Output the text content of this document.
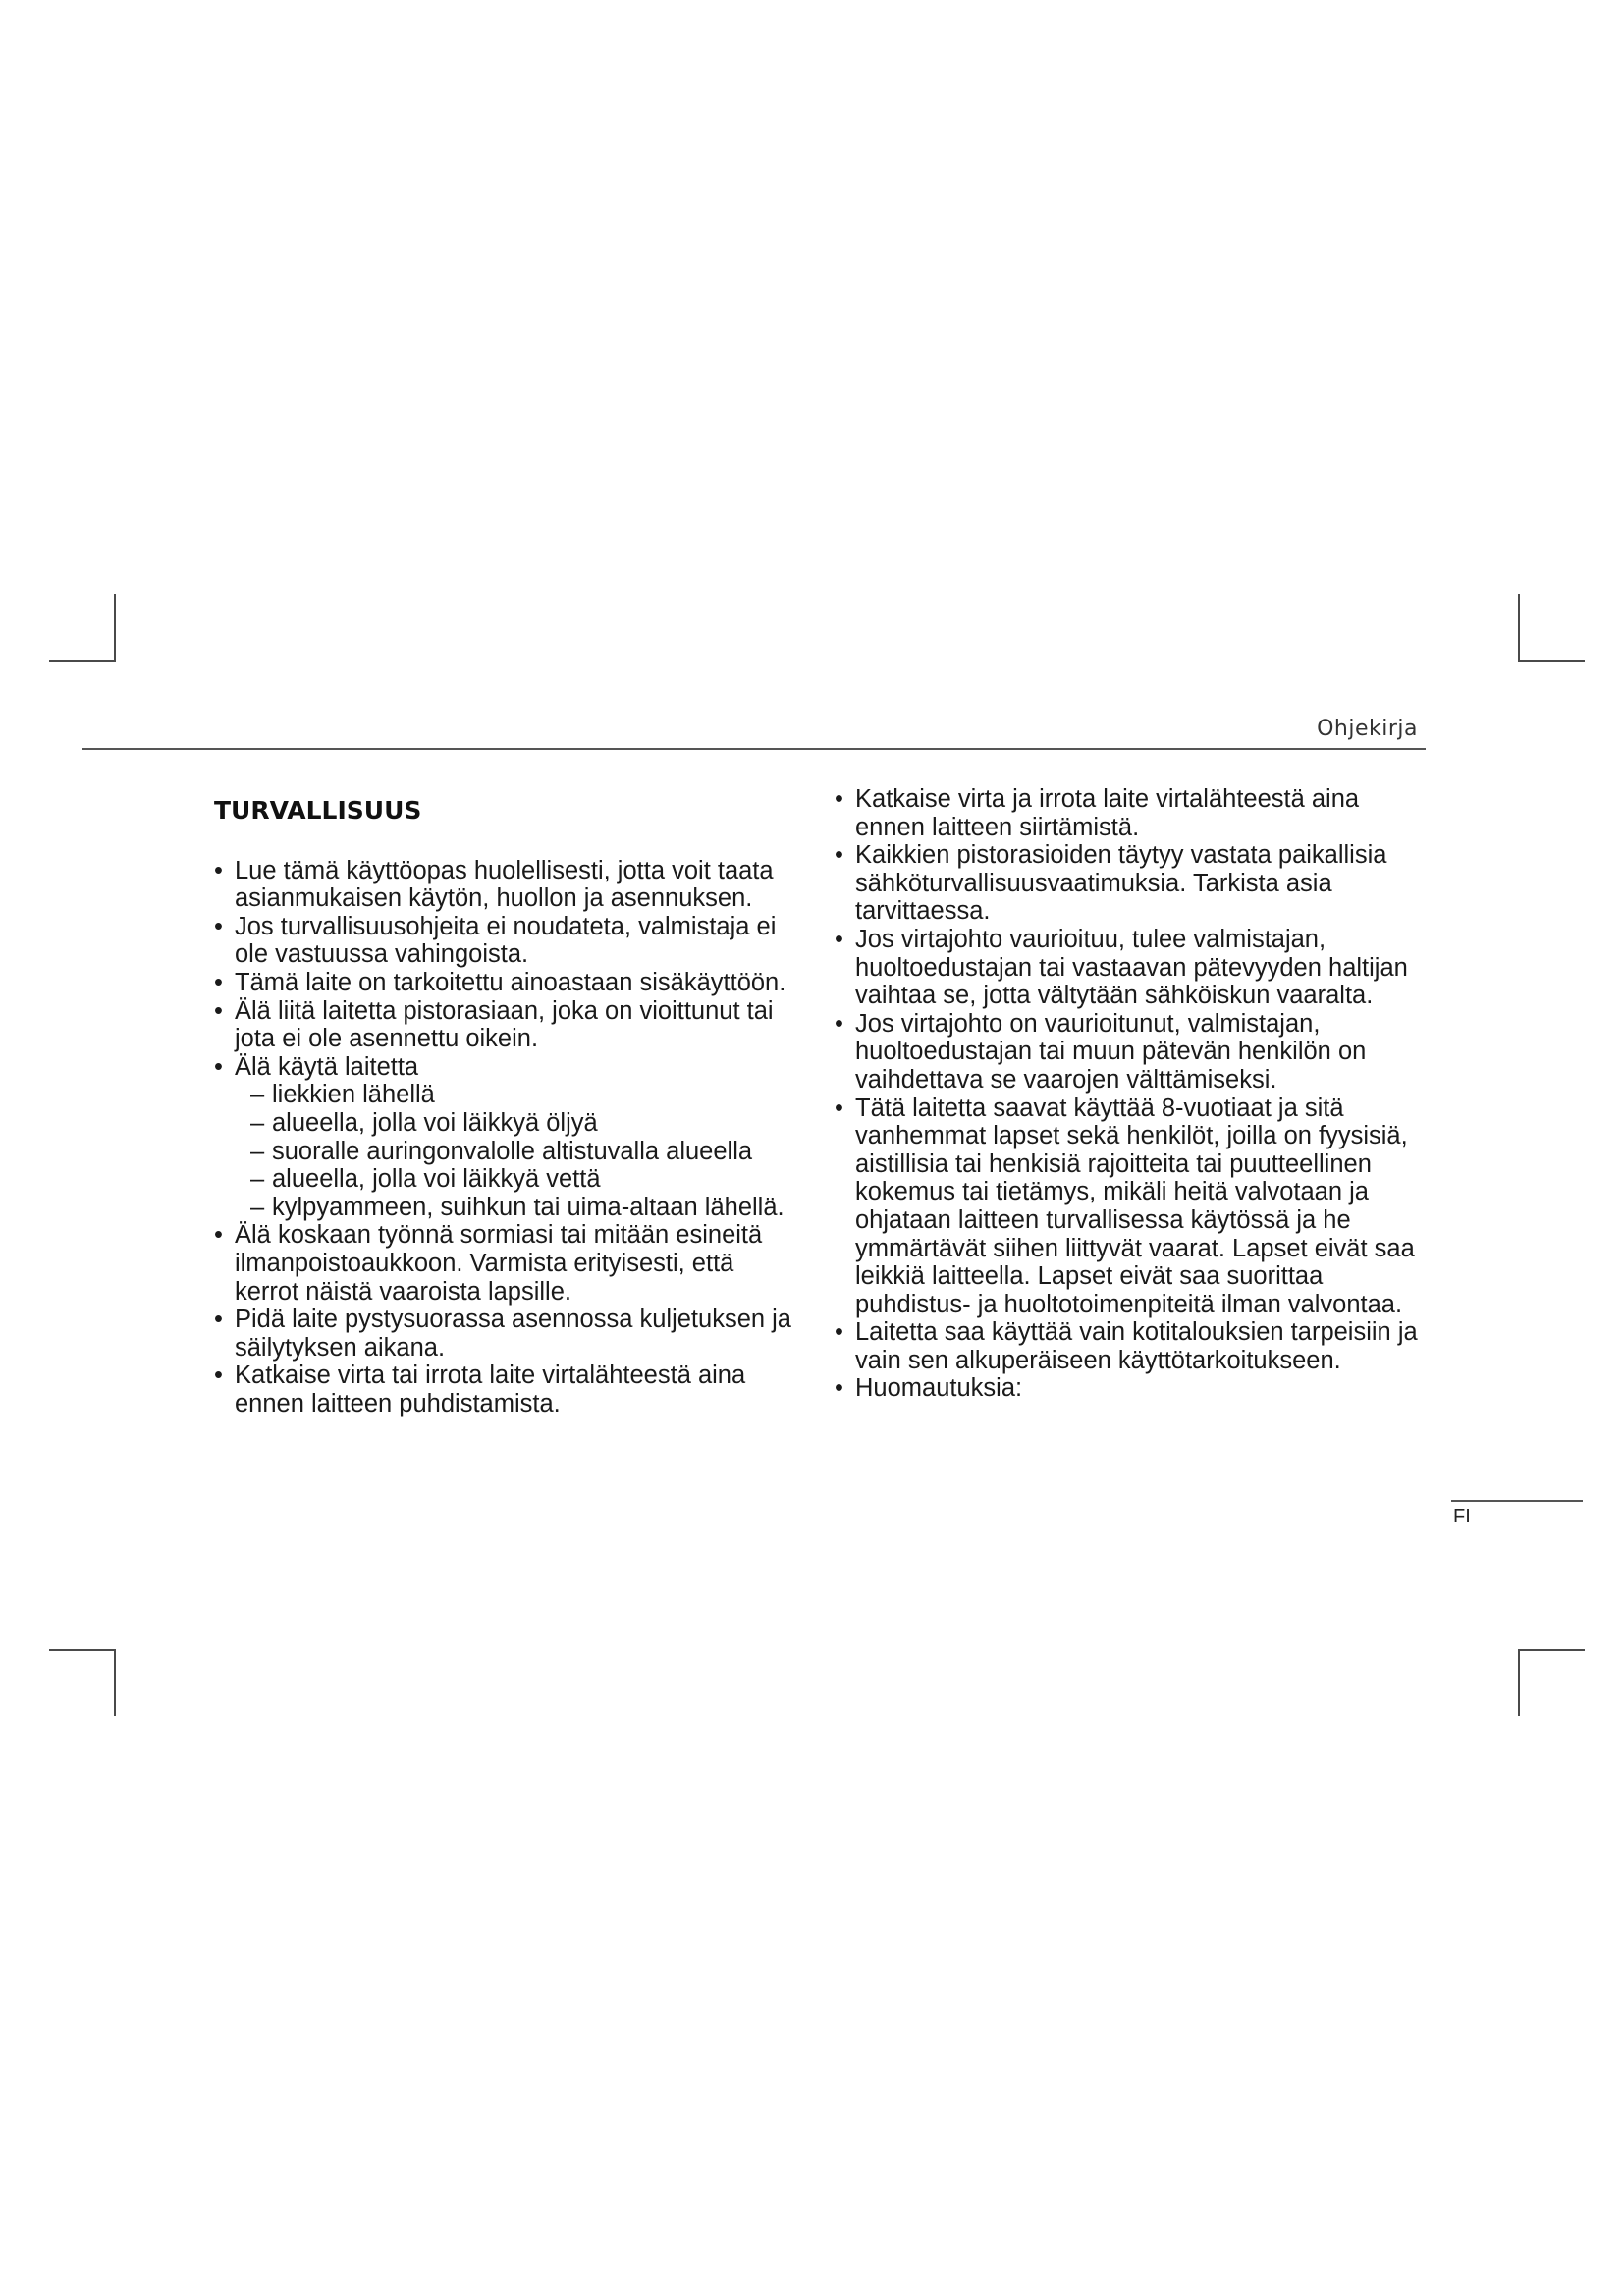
Ohjekirja
TURVALLISUUS
• Lue tämä käyttöopas huolellisesti, jotta voit taata asianmukaisen käytön, huollon ja asennuksen.
• Jos turvallisuusohjeita ei noudateta, valmistaja ei ole vastuussa vahingoista.
• Tämä laite on tarkoitettu ainoastaan sisäkäyttöön.
• Älä liitä laitetta pistorasiaan, joka on vioittunut tai jota ei ole asennettu oikein.
• Älä käytä laitetta
– liekkien lähellä
– alueella, jolla voi läikkyä öljyä
– suoralle auringonvalolle altistuvalla alueella
– alueella, jolla voi läikkyä vettä
– kylpyammeen, suihkun tai uima-altaan lähellä.
• Älä koskaan työnnä sormiasi tai mitään esineitä ilmanpoistoaukkoon. Varmista erityisesti, että kerrot näistä vaaroista lapsille.
• Pidä laite pystysuorassa asennossa kuljetuksen ja säilytyksen aikana.
• Katkaise virta tai irrota laite virtalähteestä aina ennen laitteen puhdistamista.
• Katkaise virta ja irrota laite virtalähteestä aina ennen laitteen siirtämistä.
• Kaikkien pistorasioiden täytyy vastata paikallisia sähköturvallisuusvaatimuksia. Tarkista asia tarvittaessa.
• Jos virtajohto vaurioituu, tulee valmistajan, huoltoedustajan tai vastaavan pätevyyden haltijan vaihtaa se, jotta vältytään sähköiskun vaaralta.
• Jos virtajohto on vaurioitunut, valmistajan, huoltoedustajan tai muun pätevän henkilön on vaihdettava se vaarojen välttämiseksi.
• Tätä laitetta saavat käyttää 8-vuotiaat ja sitä vanhemmat lapset sekä henkilöt, joilla on fyysisiä, aistillisia tai henkisiä rajoitteita tai puutteellinen kokemus tai tietämys, mikäli heitä valvotaan ja ohjataan laitteen turvallisessa käytössä ja he ymmärtävät siihen liittyvät vaarat. Lapset eivät saa leikkiä laitteella. Lapset eivät saa suorittaa puhdistus- ja huoltotoimenpiteitä ilman valvontaa.
• Laitetta saa käyttää vain kotitalouksien tarpeisiin ja vain sen alkuperäiseen käyttötarkoitukseen.
• Huomautuksia:
FI
